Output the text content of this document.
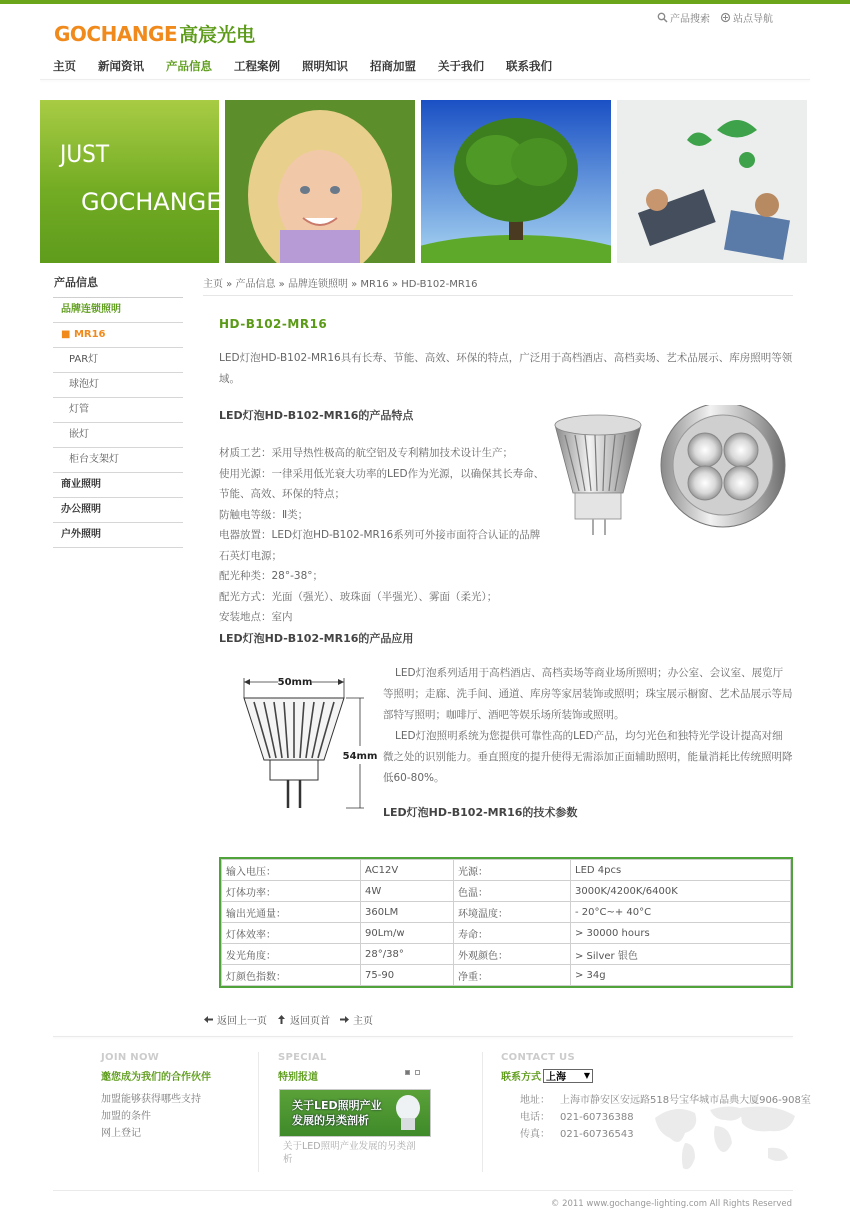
GOCHANGE 高宸光电
产品搜索 站点导航
主页 新闻资讯 产品信息 工程案例 照明知识 招商加盟 关于我们 联系我们
JUST
GOCHANGE
产品信息
品牌连锁照明
■ MR16
PAR灯
球泡灯
灯管
嵌灯
柜台支架灯
商业照明
办公照明
户外照明
主页 » 产品信息 » 品牌连锁照明 » MR16 » HD-B102-MR16
HD-B102-MR16

LED灯泡HD-B102-MR16具有长寿、节能、高效、环保的特点，广泛用于高档酒店、高档卖场、艺术品展示、库房照明等领域。

LED灯泡HD-B102-MR16的产品特点
材质工艺：采用导热性极高的航空铝及专利精加技术设计生产；
使用光源：一律采用低光衰大功率的LED作为光源，以确保其长寿命、节能、高效、环保的特点；
防触电等级：Ⅱ类；
电器放置：LED灯泡HD-B102-MR16系列可外接市面符合认证的品牌石英灯电源；
配光种类：28°-38°；
配光方式：光面（强光）、玻珠面（半强光）、雾面（柔光）；
安装地点：室内
LED灯泡HD-B102-MR16的产品应用
50mm
54mm

LED灯泡系列适用于高档酒店、高档卖场等商业场所照明；办公室、会议室、展览厅等照明；走廊、洗手间、通道、库房等家居装饰或照明；珠宝展示橱窗、艺术品展示等局部特写照明；咖啡厅、酒吧等娱乐场所装饰或照明。

LED灯泡照明系统为您提供可靠性高的LED产品，均匀光色和独特光学设计提高对细微之处的识别能力。垂直照度的提升使得无需添加正面辅助照明，能量消耗比传统照明降低60-80%。

LED灯泡HD-B102-MR16的技术参数
输入电压：	AC12V	光源：	LED 4pcs
灯体功率：	4W	色温：	3000K/4200K/6400K
输出光通量：	360LM	环境温度：	- 20°C~+ 40°C
灯体效率：	90Lm/w	寿命：	> 30000 hours
发光角度：	28°/38°	外观颜色：	> Silver 银色
灯颜色指数：	75-90	净重：	> 34g
返回上一页 返回页首 主页
JOIN NOW
邀您成为我们的合作伙伴
加盟能够获得哪些支持
加盟的条件
网上登记
SPECIAL
特别报道
关于LED照明产业
发展的另类剖析
关于LED照明产业发展的另类剖析
CONTACT US
联系方式 上海 ▼
地址： 上海市静安区安远路518号宝华城市晶典大厦906-908室
电话： 021-60736388
传真： 021-60736543
© 2011 www.gochange-lighting.com All Rights Reserved
